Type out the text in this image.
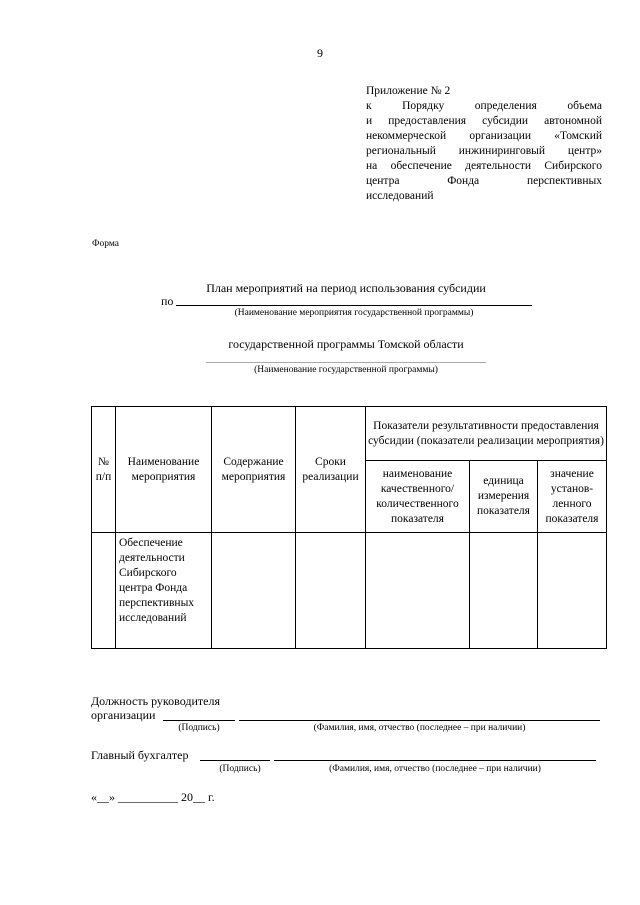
9
Приложение № 2
к Порядку определения объема
и предоставления субсидии автономной
некоммерческой организации «Томский
региональный инжиниринговый центр»
на обеспечение деятельности Сибирского
центра Фонда перспективных
исследований
Форма
План мероприятий на период использования субсидии
по
(Наименование мероприятия государственной программы)
государственной программы Томской области
(Наименование государственной программы)
№ п/п	Наименование мероприятия	Содержание мероприятия	Сроки реализации	Показатели результативности предоставления субсидии (показатели реализации мероприятия)		
				наименование качественного/ количественного показателя	единица измерения показателя	значение установ-ленного показателя
	Обеспечение деятельности Сибирского центра Фонда перспективных исследований					
Должность руководителя
организации
(Подпись)	(Фамилия, имя, отчество (последнее – при наличии)
Главный бухгалтер
(Подпись)	(Фамилия, имя, отчество (последнее – при наличии)
«__» __________ 20__ г.
